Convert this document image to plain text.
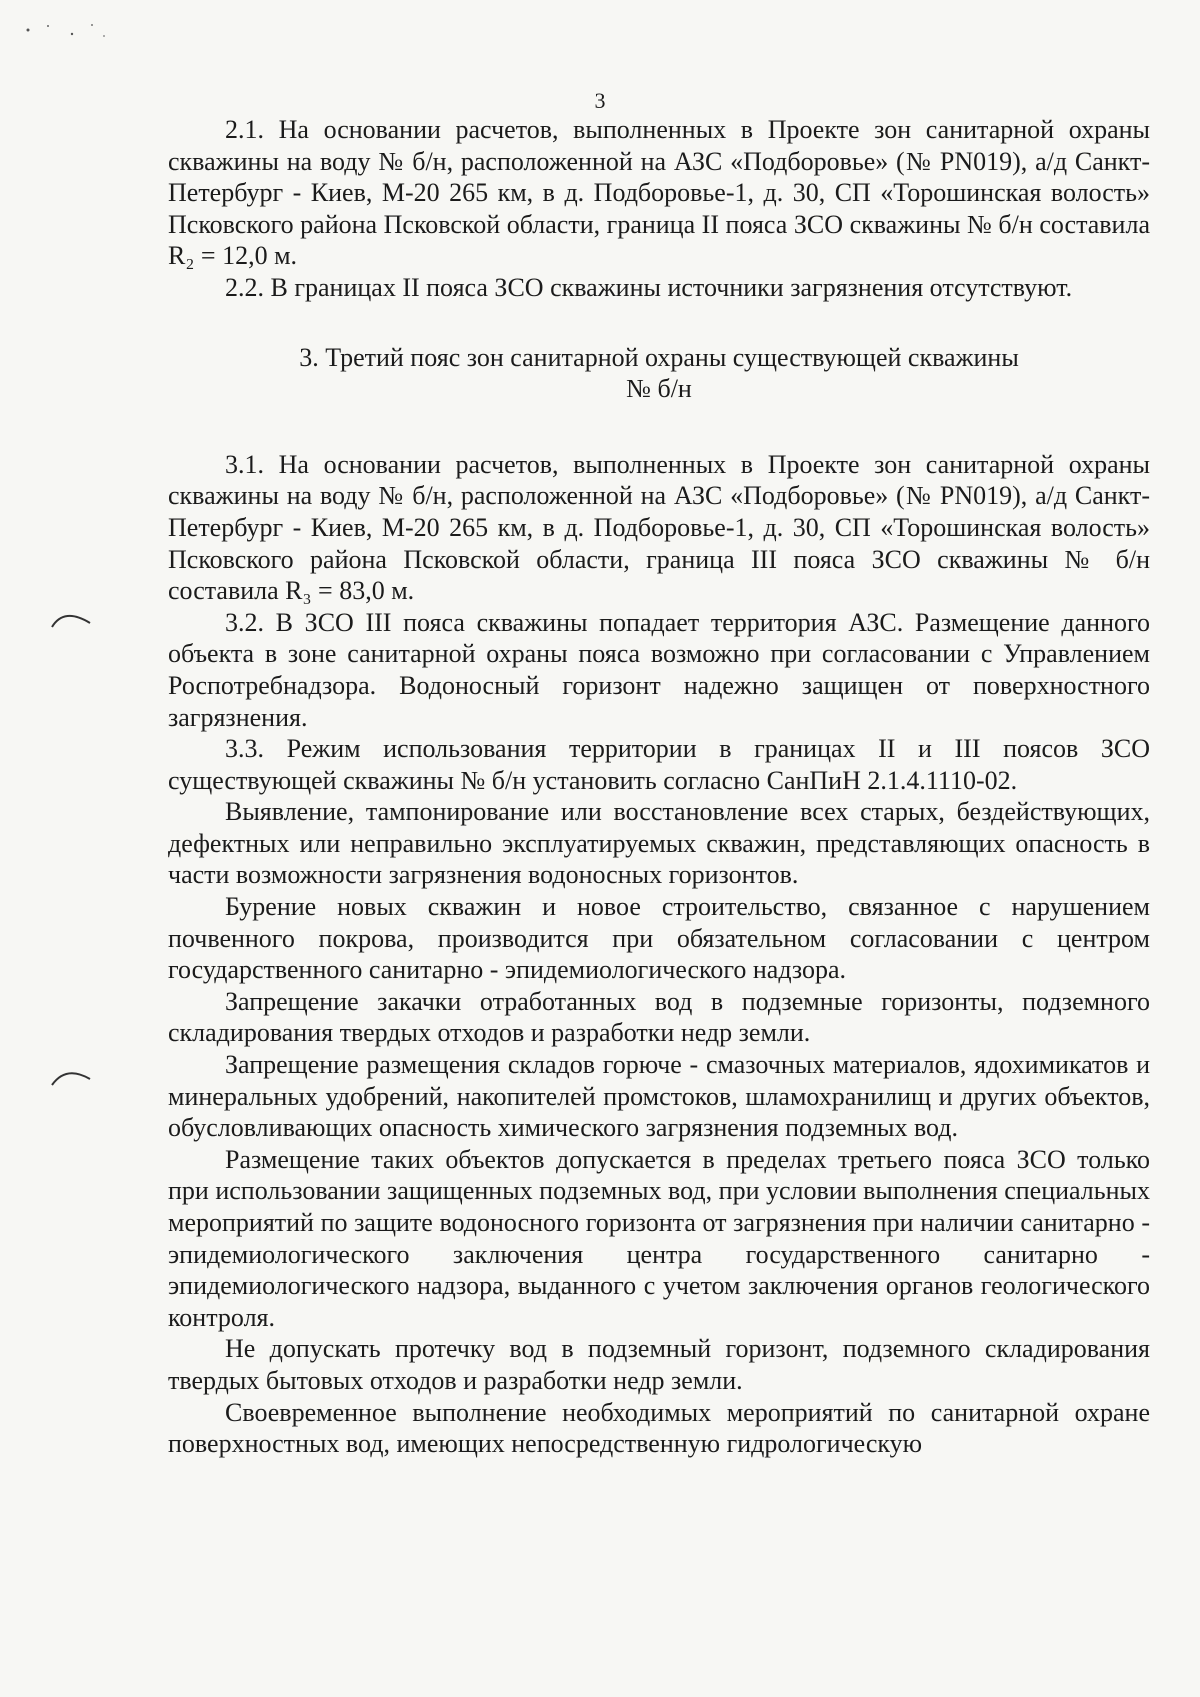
3

2.1. На основании расчетов, выполненных в Проекте зон санитарной охраны скважины на воду № б/н, расположенной на АЗС «Подборовье» (№ PN019), а/д Санкт-Петербург - Киев, М-20 265 км, в д. Подборовье-1, д. 30, СП «Торошинская волость» Псковского района Псковской области, граница II пояса ЗСО скважины № б/н составила R₂ = 12,0 м.

2.2. В границах II пояса ЗСО скважины источники загрязнения отсутствуют.

3. Третий пояс зон санитарной охраны существующей скважины
№ б/н

3.1. На основании расчетов, выполненных в Проекте зон санитарной охраны скважины на воду № б/н, расположенной на АЗС «Подборовье» (№ PN019), а/д Санкт-Петербург - Киев, М-20 265 км, в д. Подборовье-1, д. 30, СП «Торошинская волость» Псковского района Псковской области, граница III пояса ЗСО скважины № б/н составила R₃ = 83,0 м.

3.2. В ЗСО III пояса скважины попадает территория АЗС. Размещение данного объекта в зоне санитарной охраны пояса возможно при согласовании с Управлением Роспотребнадзора. Водоносный горизонт надежно защищен от поверхностного загрязнения.

3.3. Режим использования территории в границах II и III поясов ЗСО существующей скважины № б/н установить согласно СанПиН 2.1.4.1110-02.

Выявление, тампонирование или восстановление всех старых, бездействующих, дефектных или неправильно эксплуатируемых скважин, представляющих опасность в части возможности загрязнения водоносных горизонтов.

Бурение новых скважин и новое строительство, связанное с нарушением почвенного покрова, производится при обязательном согласовании с центром государственного санитарно - эпидемиологического надзора.

Запрещение закачки отработанных вод в подземные горизонты, подземного складирования твердых отходов и разработки недр земли.

Запрещение размещения складов горюче - смазочных материалов, ядохимикатов и минеральных удобрений, накопителей промстоков, шламохранилищ и других объектов, обусловливающих опасность химического загрязнения подземных вод.

Размещение таких объектов допускается в пределах третьего пояса ЗСО только при использовании защищенных подземных вод, при условии выполнения специальных мероприятий по защите водоносного горизонта от загрязнения при наличии санитарно - эпидемиологического заключения центра государственного санитарно - эпидемиологического надзора, выданного с учетом заключения органов геологического контроля.

Не допускать протечку вод в подземный горизонт, подземного складирования твердых бытовых отходов и разработки недр земли.

Своевременное выполнение необходимых мероприятий по санитарной охране поверхностных вод, имеющих непосредственную гидрологическую
